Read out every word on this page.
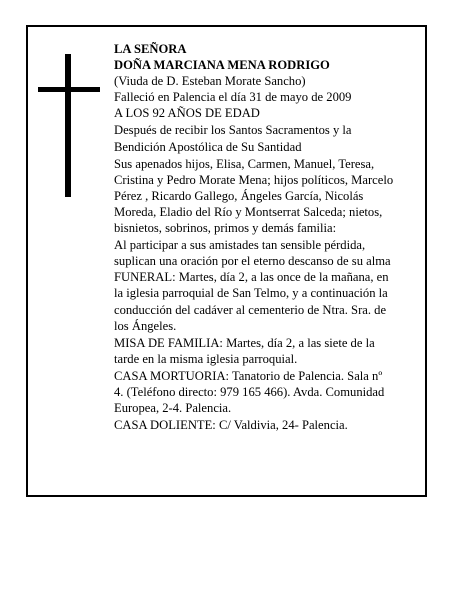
LA SEÑORA
DOÑA MARCIANA MENA RODRIGO
(Viuda de D. Esteban Morate Sancho)
Falleció en Palencia el día 31 de mayo de 2009
A LOS 92 AÑOS DE EDAD
Después de recibir los Santos Sacramentos y la
Bendición Apostólica de Su Santidad
Sus apenados hijos, Elisa, Carmen, Manuel, Teresa,
Cristina y Pedro Morate Mena; hijos políticos, Marcelo
Pérez , Ricardo Gallego, Ángeles García, Nicolás
Moreda, Eladio del Río y Montserrat Salceda; nietos,
bisnietos, sobrinos, primos y demás familia:
Al participar a sus amistades tan sensible pérdida,
suplican una oración por el eterno descanso de su alma
FUNERAL: Martes, día 2, a las once de la mañana, en
la iglesia parroquial de San Telmo, y a continuación la
conducción del cadáver al cementerio de Ntra. Sra. de
los Ángeles.
MISA DE FAMILIA: Martes, día 2, a las siete de la
tarde en la misma iglesia parroquial.
CASA MORTUORIA: Tanatorio de Palencia. Sala nº
4. (Teléfono directo: 979 165 466). Avda. Comunidad
Europea, 2-4. Palencia.
CASA DOLIENTE: C/ Valdivia, 24- Palencia.
